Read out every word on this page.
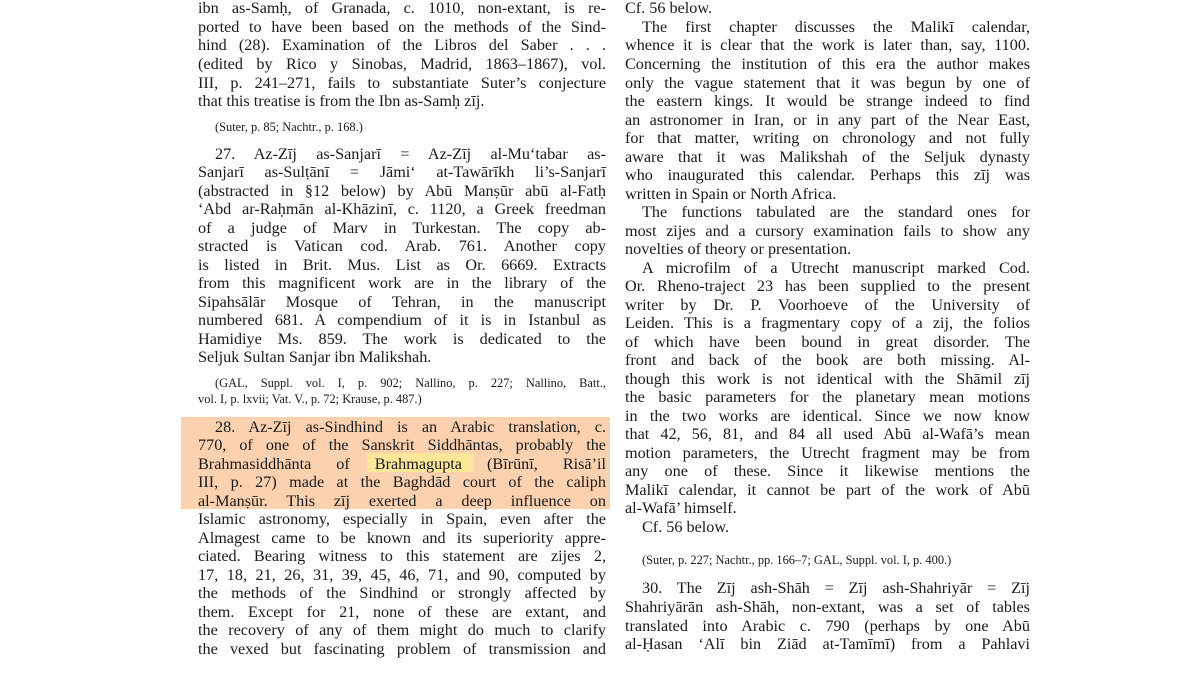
ibn as-Samḥ, of Granada, c. 1010, non-extant, is re-
ported to have been based on the methods of the Sind-
hind (28). Examination of the Libros del Saber . . .
(edited by Rico y Sinobas, Madrid, 1863–1867), vol.
III, p. 241–271, fails to substantiate Suter’s conjecture
that this treatise is from the Ibn as-Samḥ zīj.
(Suter, p. 85; Nachtr., p. 168.)
27. Az-Zīj as-Sanjarī = Az-Zīj al-Mu‘tabar as-
Sanjarī as-Sulṭānī = Jāmi‘ at-Tawārīkh li’s-Sanjarī
(abstracted in §12 below) by Abū Manṣūr abū al-Fatḥ
‘Abd ar-Raḥmān al-Khāzinī, c. 1120, a Greek freedman
of a judge of Marv in Turkestan. The copy ab-
stracted is Vatican cod. Arab. 761. Another copy
is listed in Brit. Mus. List as Or. 6669. Extracts
from this magnificent work are in the library of the
Sipahsālār Mosque of Tehran, in the manuscript
numbered 681. A compendium of it is in Istanbul as
Hamidiye Ms. 859. The work is dedicated to the
Seljuk Sultan Sanjar ibn Malikshah.
(GAL, Suppl. vol. I, p. 902; Nallino, p. 227; Nallino, Batt.,
vol. I, p. lxvii; Vat. V., p. 72; Krause, p. 487.)
28. Az-Zīj as-Sindhind is an Arabic translation, c.
770, of one of the Sanskrit Siddhāntas, probably the
Brahmasiddhānta of Brahmagupta (Bīrūnī, Risā’il
III, p. 27) made at the Baghdād court of the caliph
al-Manṣūr. This zīj exerted a deep influence on
Islamic astronomy, especially in Spain, even after the
Almagest came to be known and its superiority appre-
ciated. Bearing witness to this statement are zijes 2,
17, 18, 21, 26, 31, 39, 45, 46, 71, and 90, computed by
the methods of the Sindhind or strongly affected by
them. Except for 21, none of these are extant, and
the recovery of any of them might do much to clarify
the vexed but fascinating problem of transmission and
Cf. 56 below.
The first chapter discusses the Malikī calendar,
whence it is clear that the work is later than, say, 1100.
Concerning the institution of this era the author makes
only the vague statement that it was begun by one of
the eastern kings. It would be strange indeed to find
an astronomer in Iran, or in any part of the Near East,
for that matter, writing on chronology and not fully
aware that it was Malikshah of the Seljuk dynasty
who inaugurated this calendar. Perhaps this zīj was
written in Spain or North Africa.
The functions tabulated are the standard ones for
most zijes and a cursory examination fails to show any
novelties of theory or presentation.
A microfilm of a Utrecht manuscript marked Cod.
Or. Rheno-traject 23 has been supplied to the present
writer by Dr. P. Voorhoeve of the University of
Leiden. This is a fragmentary copy of a zij, the folios
of which have been bound in great disorder. The
front and back of the book are both missing. Al-
though this work is not identical with the Shāmil zīj
the basic parameters for the planetary mean motions
in the two works are identical. Since we now know
that 42, 56, 81, and 84 all used Abū al-Wafā’s mean
motion parameters, the Utrecht fragment may be from
any one of these. Since it likewise mentions the
Malikī calendar, it cannot be part of the work of Abū
al-Wafā’ himself.
Cf. 56 below.
(Suter, p. 227; Nachtr., pp. 166–7; GAL, Suppl. vol. I, p. 400.)
30. The Zīj ash-Shāh = Zīj ash-Shahriyār = Zīj
Shahriyārān ash-Shāh, non-extant, was a set of tables
translated into Arabic c. 790 (perhaps by one Abū
al-Ḥasan ‘Alī bin Ziād at-Tamīmī) from a Pahlavi
